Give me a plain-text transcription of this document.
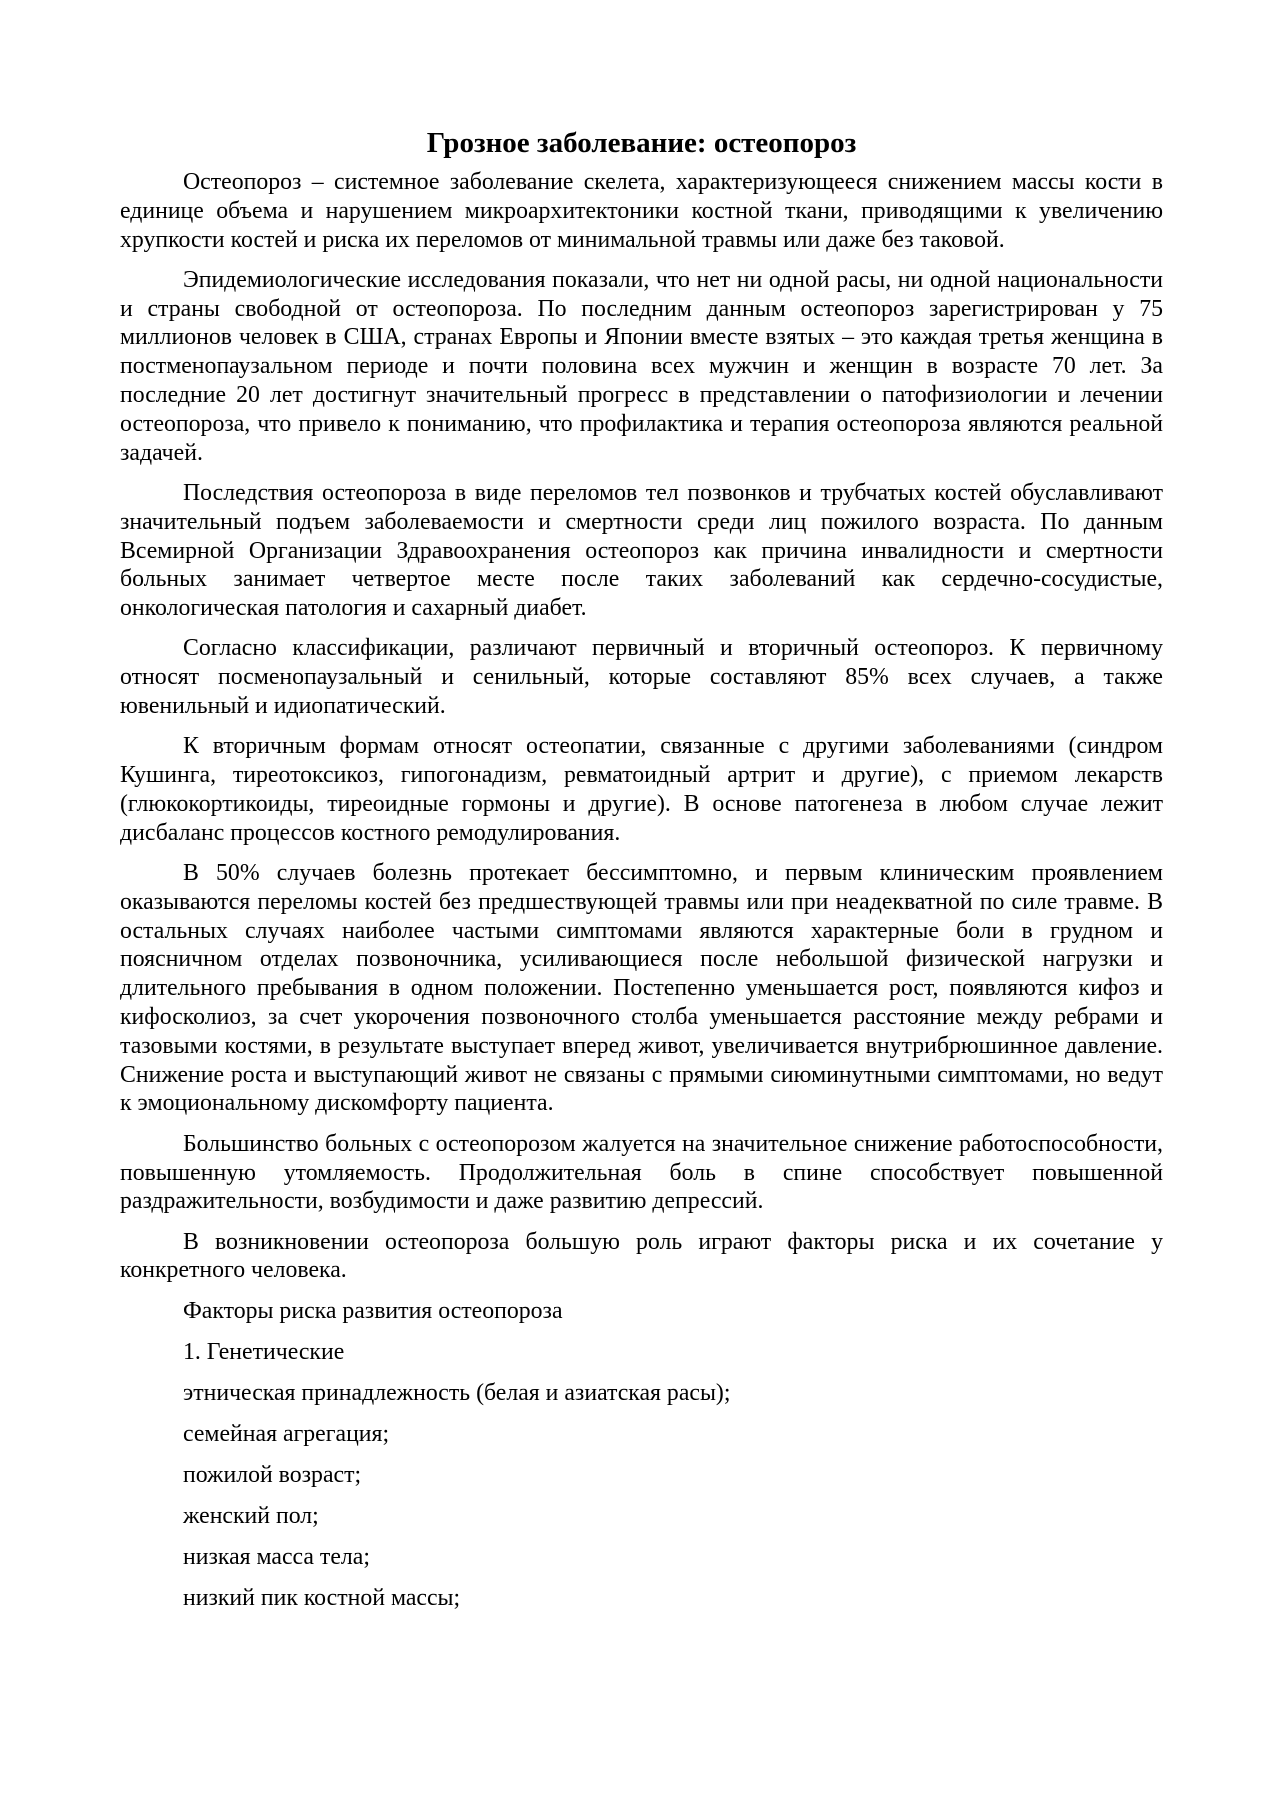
Грозное заболевание: остеопороз

Остеопороз – системное заболевание скелета, характеризующееся снижением массы кости в единице объема и нарушением микроархитектоники костной ткани, приводящими к увеличению хрупкости костей и риска их переломов от минимальной травмы или даже без таковой.

Эпидемиологические исследования показали, что нет ни одной расы, ни одной национальности и страны свободной от остеопороза. По последним данным остеопороз зарегистрирован у 75 миллионов человек в США, странах Европы и Японии вместе взятых – это каждая третья женщина в постменопаузальном периоде и почти половина всех мужчин и женщин в возрасте 70 лет. За последние 20 лет достигнут значительный прогресс в представлении о патофизиологии и лечении остеопороза, что привело к пониманию, что профилактика и терапия остеопороза являются реальной задачей.

Последствия остеопороза в виде переломов тел позвонков и трубчатых костей обуславливают значительный подъем заболеваемости и смертности среди лиц пожилого возраста. По данным Всемирной Организации Здравоохранения остеопороз как причина инвалидности и смертности больных занимает четвертое месте после таких заболеваний как сердечно-сосудистые, онкологическая патология и сахарный диабет.

Согласно классификации, различают первичный и вторичный остеопороз. К первичному относят посменопаузальный и сенильный, которые составляют 85% всех случаев, а также ювенильный и идиопатический.

К вторичным формам относят остеопатии, связанные с другими заболеваниями (синдром Кушинга, тиреотоксикоз, гипогонадизм, ревматоидный артрит и другие), с приемом лекарств (глюкокортикоиды, тиреоидные гормоны и другие). В основе патогенеза в любом случае лежит дисбаланс процессов костного ремодулирования.

В 50% случаев болезнь протекает бессимптомно, и первым клиническим проявлением оказываются переломы костей без предшествующей травмы или при неадекватной по силе травме. В остальных случаях наиболее частыми симптомами являются характерные боли в грудном и поясничном отделах позвоночника, усиливающиеся после небольшой физической нагрузки и длительного пребывания в одном положении. Постепенно уменьшается рост, появляются кифоз и кифосколиоз, за счет укорочения позвоночного столба уменьшается расстояние между ребрами и тазовыми костями, в результате выступает вперед живот, увеличивается внутрибрюшинное давление. Снижение роста и выступающий живот не связаны с прямыми сиюминутными симптомами, но ведут к эмоциональному дискомфорту пациента.

Большинство больных с остеопорозом жалуется на значительное снижение работоспособности, повышенную утомляемость. Продолжительная боль в спине способствует повышенной раздражительности, возбудимости и даже развитию депрессий.

В возникновении остеопороза большую роль играют факторы риска и их сочетание у конкретного человека.

Факторы риска развития остеопороза

1. Генетические

этническая принадлежность (белая и азиатская расы);
семейная агрегация;
пожилой возраст;
женский пол;
низкая масса тела;
низкий пик костной массы;
